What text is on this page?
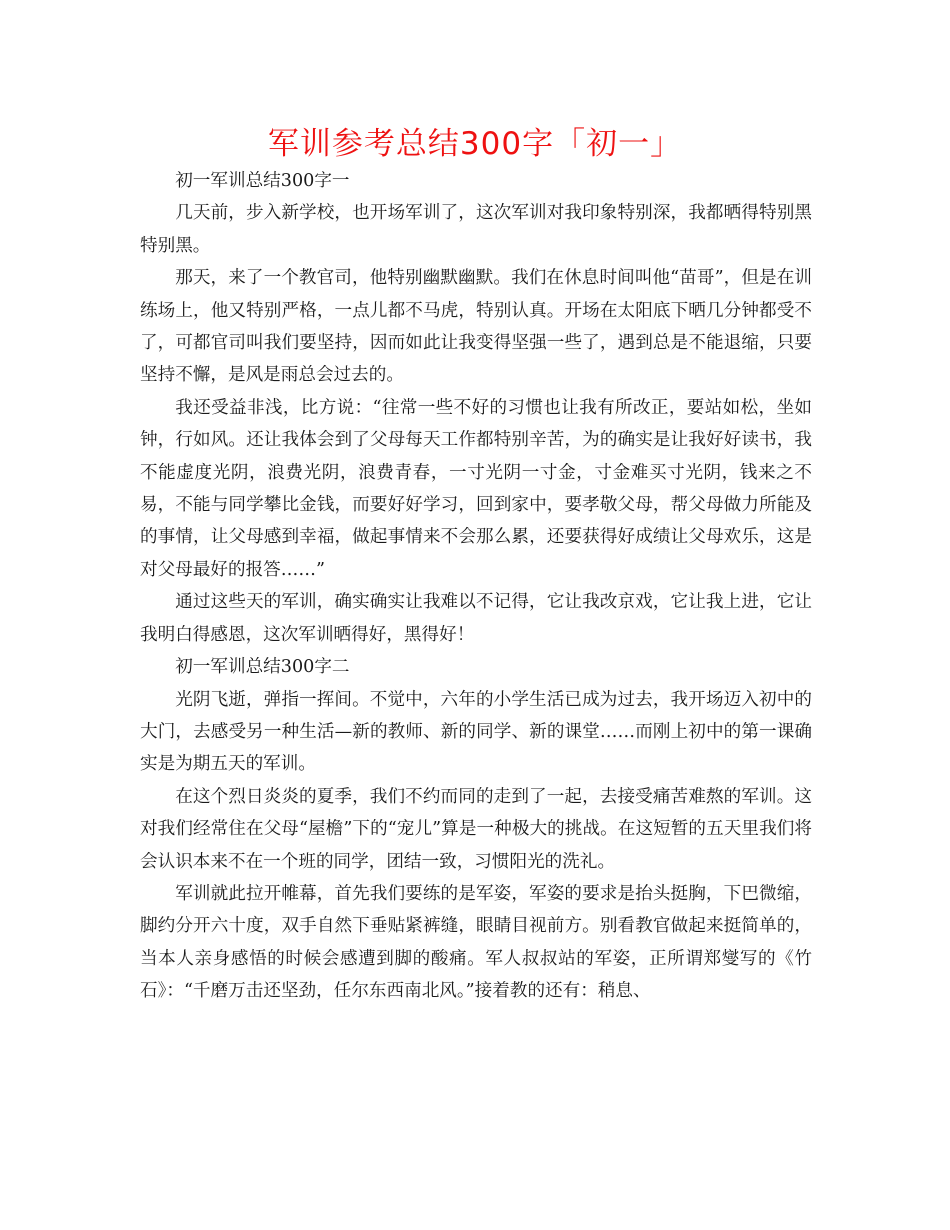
军训参考总结300字「初一」

初一军训总结300字一

几天前，步入新学校，也开场军训了，这次军训对我印象特别深，我都晒得特别黑特别黑。

那天，来了一个教官司，他特别幽默幽默。我们在休息时间叫他“苗哥”，但是在训练场上，他又特别严格，一点儿都不马虎，特别认真。开场在太阳底下晒几分钟都受不了，可都官司叫我们要坚持，因而如此让我变得坚强一些了，遇到总是不能退缩，只要坚持不懈，是风是雨总会过去的。

我还受益非浅，比方说：“往常一些不好的习惯也让我有所改正，要站如松，坐如钟，行如风。还让我体会到了父母每天工作都特别辛苦，为的确实是让我好好读书，我不能虚度光阴，浪费光阴，浪费青春，一寸光阴一寸金，寸金难买寸光阴，钱来之不易，不能与同学攀比金钱，而要好好学习，回到家中，要孝敬父母，帮父母做力所能及的事情，让父母感到幸福，做起事情来不会那么累，还要获得好成绩让父母欢乐，这是对父母最好的报答……”

通过这些天的军训，确实确实让我难以不记得，它让我改京戏，它让我上进，它让我明白得感恩，这次军训晒得好，黑得好！

初一军训总结300字二

光阴飞逝，弹指一挥间。不觉中，六年的小学生活已成为过去，我开场迈入初中的大门，去感受另一种生活—新的教师、新的同学、新的课堂……而刚上初中的第一课确实是为期五天的军训。

在这个烈日炎炎的夏季，我们不约而同的走到了一起，去接受痛苦难熬的军训。这对我们经常住在父母“屋檐”下的“宠儿”算是一种极大的挑战。在这短暂的五天里我们将会认识本来不在一个班的同学，团结一致，习惯阳光的洗礼。

军训就此拉开帷幕，首先我们要练的是军姿，军姿的要求是抬头挺胸，下巴微缩，脚约分开六十度，双手自然下垂贴紧裤缝，眼睛目视前方。别看教官做起来挺简单的，当本人亲身感悟的时候会感遭到脚的酸痛。军人叔叔站的军姿，正所谓郑燮写的《竹石》：“千磨万击还坚劲，任尔东西南北风。”接着教的还有：稍息、
